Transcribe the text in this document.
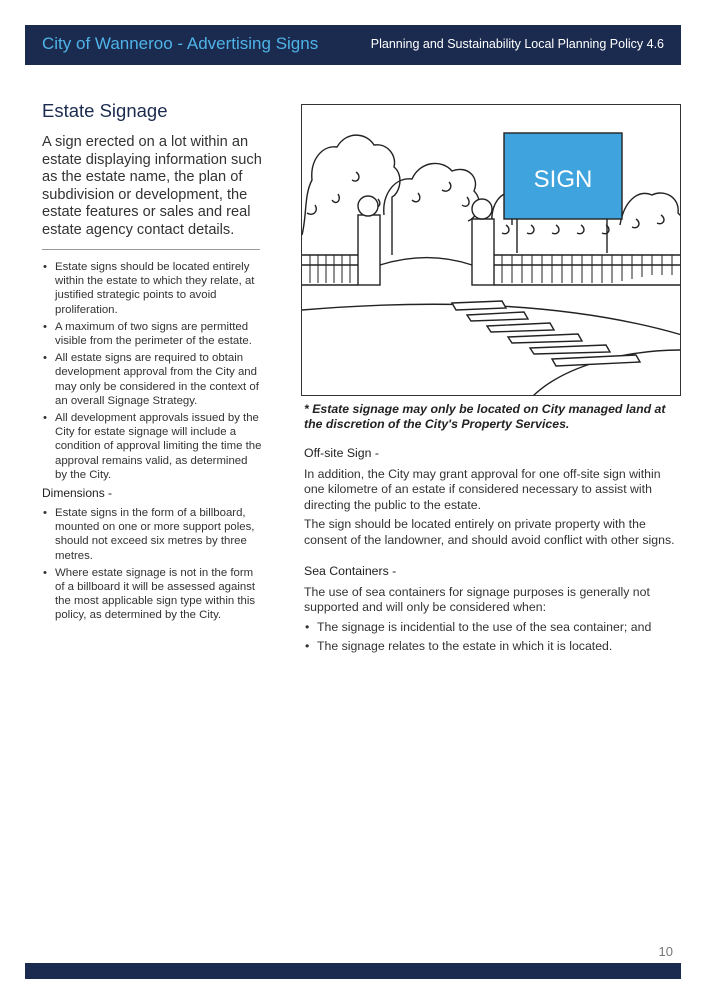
City of Wanneroo - Advertising Signs	Planning and Sustainability Local Planning Policy 4.6
Estate Signage

A sign erected on a lot within an estate displaying information such as the estate name, the plan of subdivision or development, the estate features or sales and real estate agency contact details.

• Estate signs should be located entirely within the estate to which they relate, at justified strategic points to avoid proliferation.
• A maximum of two signs are permitted visible from the perimeter of the estate.
• All estate signs are required to obtain development approval from the City and may only be considered in the context of an overall Signage Strategy.
• All development approvals issued by the City for estate signage will include a condition of approval limiting the time the approval remains valid, as determined by the City.
Dimensions -
• Estate signs in the form of a billboard, mounted on one or more support poles, should not exceed six metres by three metres.
• Where estate signage is not in the form of a billboard it will be assessed against the most applicable sign type within this policy, as determined by the City.
SIGN
* Estate signage may only be located on City managed land at the discretion of the City's Property Services.
Off-site Sign -

In addition, the City may grant approval for one off-site sign within one kilometre of an estate if considered necessary to assist with directing the public to the estate.

The sign should be located entirely on private property with the consent of the landowner, and should avoid conflict with other signs.

Sea Containers -

The use of sea containers for signage purposes is generally not supported and will only be considered when:

• The signage is incidential to the use of the sea container; and
• The signage relates to the estate in which it is located.
10
